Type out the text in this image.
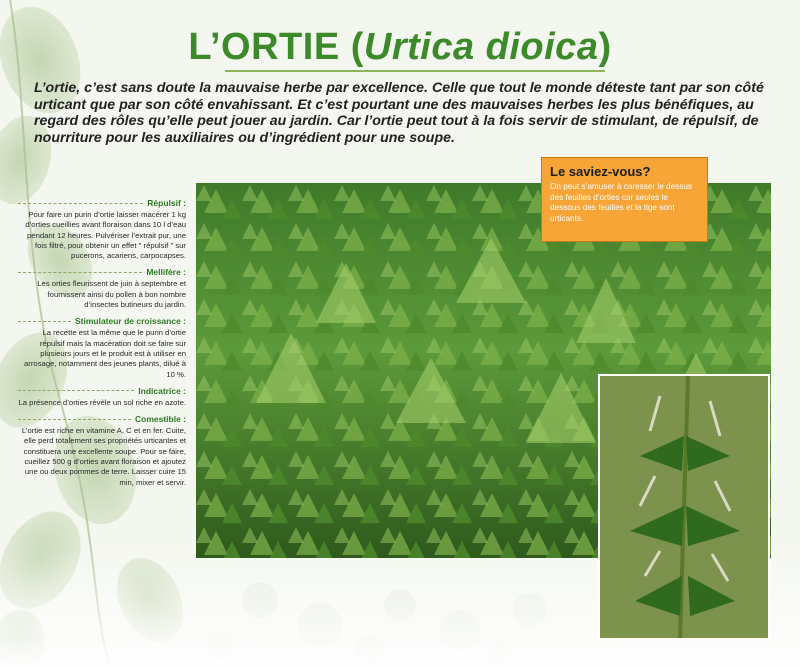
L’ORTIE (Urtica dioica)
L’ortie, c’est sans doute la mauvaise herbe par excellence. Celle que tout le monde déteste tant par son côté urticant que par son côté envahissant. Et c’est pourtant une des mauvaises herbes les plus bénéfiques, au regard des rôles qu’elle peut jouer au jardin. Car l’ortie peut tout à la fois servir de stimulant, de répulsif, de nourriture pour les auxiliaires ou d’ingrédient pour une soupe.
Le saviez-vous?
On peut s’amuser à caresser le dessus des feuilles d’orties car seules le dessous des feuilles et la tige sont urticants.
Répulsif :
Pour faire un purin d’ortie laisser macérer 1 kg d’orties cueillies avant floraison dans 10 l d’eau pendant 12 heures. Pulvériser l’extrait pur, une fois filtré, pour obtenir un effet " répulsif " sur pucerons, acariens, carpocapses.
Mellifère :
Les orties fleurissent de juin à septembre et fournissent ainsi du pollen à bon nombre d’insectes butineurs du jardin.
Stimulateur de croissance :
La recette est la même que le purin d’ortie répulsif mais la macération doit se faire sur plusieurs jours et le produit est à utiliser en arrosage, notamment des jeunes plants, dilué à 10 %.
Indicatrice :
La présence d’orties révèle un sol riche en azote.
Comestible :
L’ortie est riche en vitamine A, C et en fer. Cuite, elle perd totalement ses propriétés urticantes et constituera une excellente soupe. Pour se faire, cueillez 500 g d’orties avant floraison et ajoutez une ou deux pommes de terre. Laisser cuire 15 min, mixer et servir.
